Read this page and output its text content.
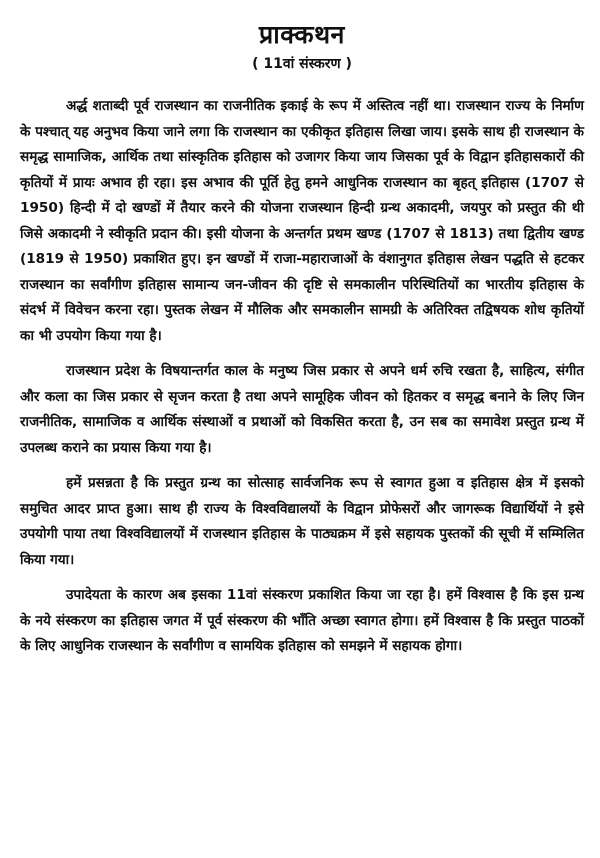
प्राक्कथन
( 11वां संस्करण )

अर्द्ध शताब्दी पूर्व राजस्थान का राजनीतिक इकाई के रूप में अस्तित्व नहीं था। राजस्थान राज्य के निर्माण के पश्चात् यह अनुभव किया जाने लगा कि राजस्थान का एकीकृत इतिहास लिखा जाय। इसके साथ ही राजस्थान के समृद्ध सामाजिक, आर्थिक तथा सांस्कृतिक इतिहास को उजागर किया जाय जिसका पूर्व के विद्वान इतिहासकारों की कृतियों में प्रायः अभाव ही रहा। इस अभाव की पूर्ति हेतु हमने आधुनिक राजस्थान का बृहत् इतिहास (1707 से 1950) हिन्दी में दो खण्डों में तैयार करने की योजना राजस्थान हिन्दी ग्रन्थ अकादमी, जयपुर को प्रस्तुत की थी जिसे अकादमी ने स्वीकृति प्रदान की। इसी योजना के अन्तर्गत प्रथम खण्ड (1707 से 1813) तथा द्वितीय खण्ड (1819 से 1950) प्रकाशित हुए। इन खण्डों में राजा-महाराजाओं के वंशानुगत इतिहास लेखन पद्धति से हटकर राजस्थान का सर्वांगीण इतिहास सामान्य जन-जीवन की दृष्टि से समकालीन परिस्थितियों का भारतीय इतिहास के संदर्भ में विवेचन करना रहा। पुस्तक लेखन में मौलिक और समकालीन सामग्री के अतिरिक्त तद्विषयक शोध कृतियों का भी उपयोग किया गया है।

राजस्थान प्रदेश के विषयान्तर्गत काल के मनुष्य जिस प्रकार से अपने धर्म रुचि रखता है, साहित्य, संगीत और कला का जिस प्रकार से सृजन करता है तथा अपने सामूहिक जीवन को हितकर व समृद्ध बनाने के लिए जिन राजनीतिक, सामाजिक व आर्थिक संस्थाओं व प्रथाओं को विकसित करता है, उन सब का समावेश प्रस्तुत ग्रन्थ में उपलब्ध कराने का प्रयास किया गया है।

हमें प्रसन्नता है कि प्रस्तुत ग्रन्थ का सोत्साह सार्वजनिक रूप से स्वागत हुआ व इतिहास क्षेत्र में इसको समुचित आदर प्राप्त हुआ। साथ ही राज्य के विश्वविद्यालयों के विद्वान प्रोफेसरों और जागरूक विद्यार्थियों ने इसे उपयोगी पाया तथा विश्वविद्यालयों में राजस्थान इतिहास के पाठ्यक्रम में इसे सहायक पुस्तकों की सूची में सम्मिलित किया गया।

उपादेयता के कारण अब इसका 11वां संस्करण प्रकाशित किया जा रहा है। हमें विश्वास है कि इस ग्रन्थ के नये संस्करण का इतिहास जगत में पूर्व संस्करण की भाँति अच्छा स्वागत होगा। हमें विश्वास है कि प्रस्तुत पाठकों के लिए आधुनिक राजस्थान के सर्वांगीण व सामयिक इतिहास को समझने में सहायक होगा।
